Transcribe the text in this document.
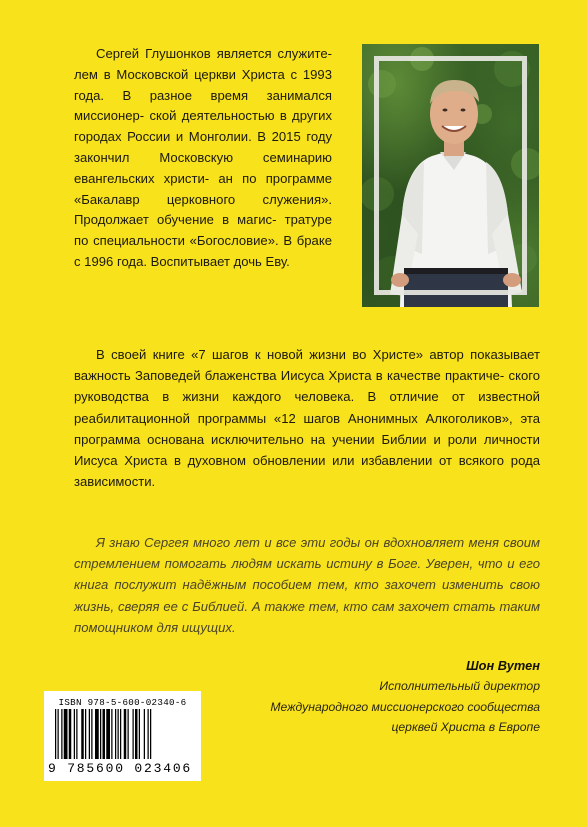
Сергей Глушонков является служите- лем в Московской церкви Христа с 1993 года. В разное время занимался миссионер- ской деятельностью в других городах России и Монголии. В 2015 году закончил Московскую семинарию евангельских христи- ан по программе «Бакалавр церковного служения». Продолжает обучение в магис- тратуре по специальности «Богословие». В браке с 1996 года. Воспитывает дочь Еву.

В своей книге «7 шагов к новой жизни во Христе» автор показывает важность Заповедей блаженства Иисуса Христа в качестве практиче- ского руководства в жизни каждого человека. В отличие от известной реабилитационной программы «12 шагов Анонимных Алкоголиков», эта программа основана исключительно на учении Библии и роли личности Иисуса Христа в духовном обновлении или избавлении от всякого рода зависимости.

Я знаю Сергея много лет и все эти годы он вдохновляет меня своим стремлением помогать людям искать истину в Боге. Уверен, что и его книга послужит надёжным пособием тем, кто захочет изменить свою жизнь, сверяя ее с Библией. А также тем, кто сам захочет стать таким помощником для ищущих.

Шон Вутен
Исполнительный директор
Международного миссионерского сообщества
церквей Христа в Европе
ISBN 978-5-600-02340-6
9 785600 023406
